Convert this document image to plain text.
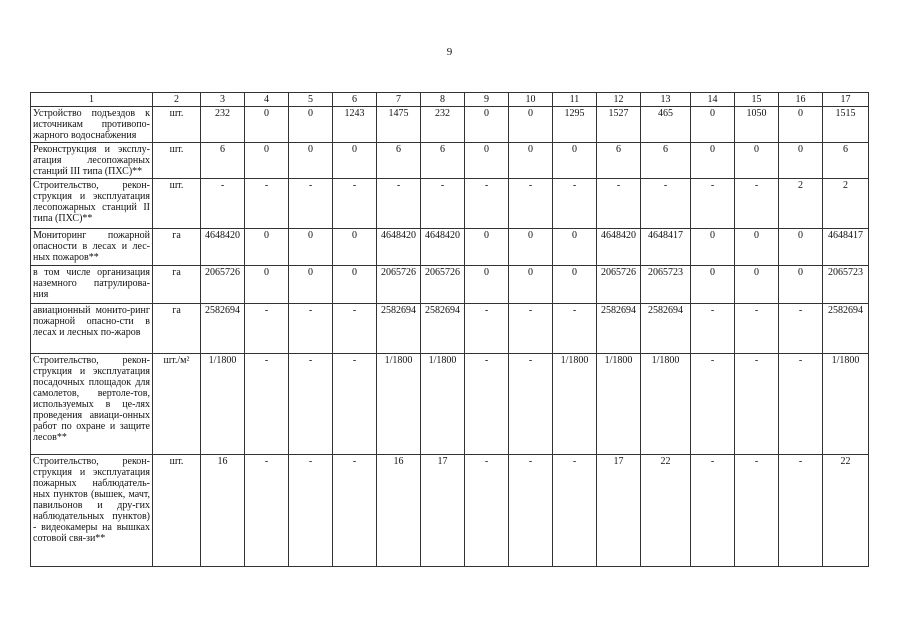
9
1	2	3	4	5	6	7	8	9	10	11	12	13	14	15	16	17
Устройство подъездов к источникам противопо-жарного водоснабжения	шт.	232	0	0	1243	1475	232	0	0	1295	1527	465	0	1050	0	1515
Реконструкция и эксплу-атация лесопожарных станций III типа (ПХС)**	шт.	6	0	0	0	6	6	0	0	0	6	6	0	0	0	6
Строительство, рекон-струкция и эксплуатация лесопожарных станций II типа (ПХС)**	шт.	-	-	-	-	-	-	-	-	-	-	-	-	-	2	2
Мониторинг пожарной опасности в лесах и лес-ных пожаров**	га	4648420	0	0	0	4648420	4648420	0	0	0	4648420	4648417	0	0	0	4648417
в том числе организация наземного патрулирова-ния	га	2065726	0	0	0	2065726	2065726	0	0	0	2065726	2065723	0	0	0	2065723
авиационный монито-ринг пожарной опасно-сти в лесах и лесных по-жаров	га	2582694	-	-	-	2582694	2582694	-	-	-	2582694	2582694	-	-	-	2582694
Строительство, рекон-струкция и эксплуатация посадочных площадок для самолетов, вертоле-тов, используемых в це-лях проведения авиаци-онных работ по охране и защите лесов**	шт./м²	1/1800	-	-	-	1/1800	1/1800	-	-	1/1800	1/1800	1/1800	-	-	-	1/1800
Строительство, рекон-струкция и эксплуатация пожарных наблюдатель-ных пунктов (вышек, мачт, павильонов и дру-гих наблюдательных пунктов) - видеокамеры на вышках сотовой свя-зи**	шт.	16	-	-	-	16	17	-	-	-	17	22	-	-	-	22
